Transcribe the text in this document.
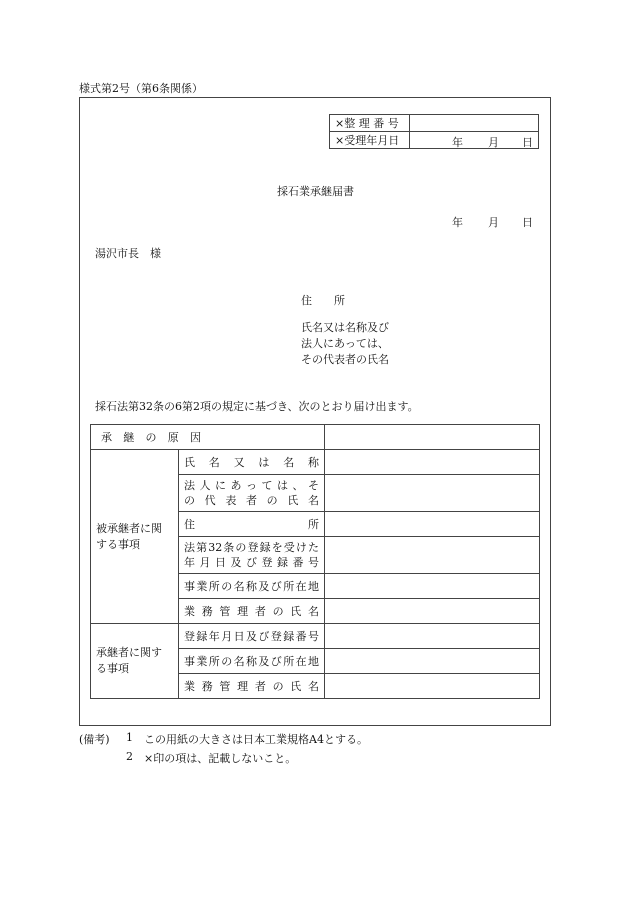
様式第2号（第6条関係）
×整 理 番 号	
×受理年月日	年 月 日
採石業承継届書
年 月 日
湯沢市長　様
住　　所
氏名又は名称及び
法人にあっては、
その代表者の氏名
採石法第32条の6第2項の規定に基づき、次のとおり届け出ます。
承　継　の　原　因		

被承継者に関
する事項	氏　名　又　は　名　称	

	法人にあっては、そ
の代表者の氏名	

	住　　　　　　所	

	法第32条の登録を受けた
年月日及び登録番号	

	事業所の名称及び所在地	

	業 務 管 理 者 の 氏 名	

承継者に関す
る事項	登録年月日及び登録番号	

	事業所の名称及び所在地	

	業 務 管 理 者 の 氏 名	

(備考) 1 この用紙の大きさは日本工業規格A4とする。
2 ×印の項は、記載しないこと。
